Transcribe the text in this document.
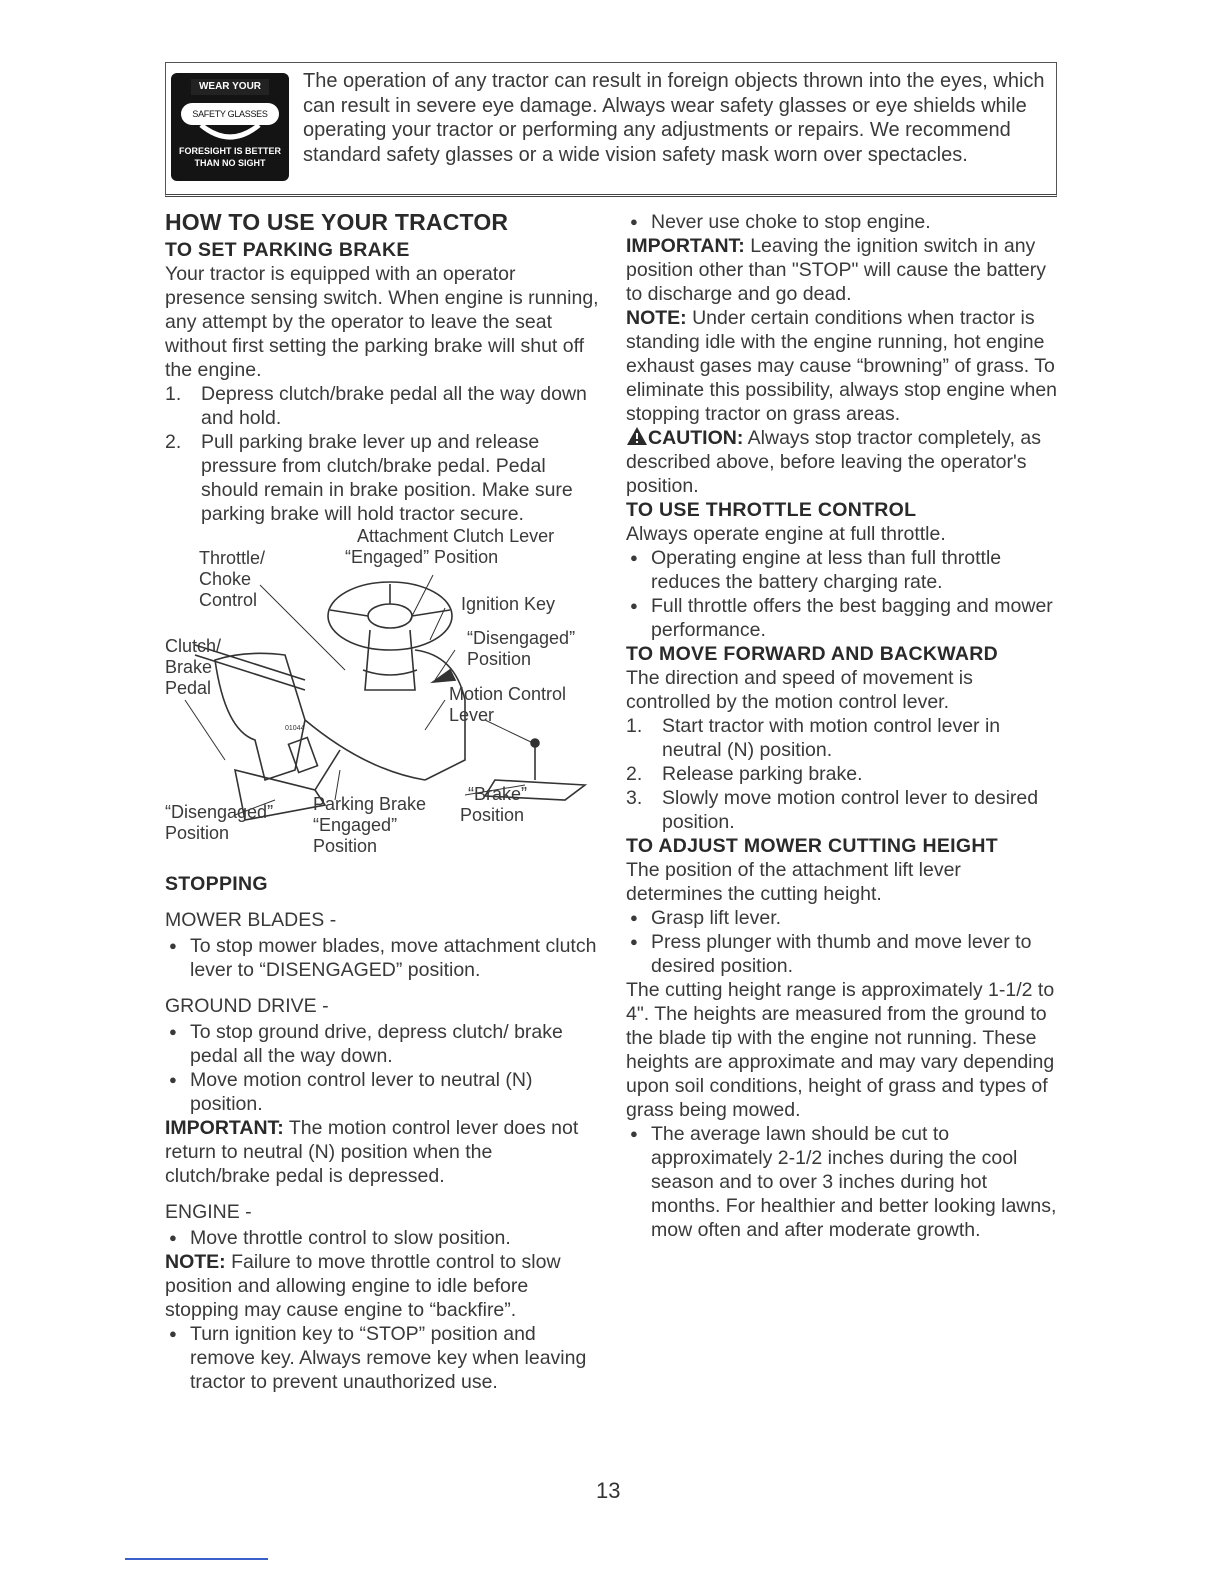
WEAR YOUR
SAFETY GLASSES
FORESIGHT IS BETTER
THAN NO SIGHT

The operation of any tractor can result in foreign objects thrown into the eyes, which can result in severe eye damage. Always wear safety glasses or eye shields while operating your tractor or performing any adjustments or repairs. We recommend standard safety glasses or a wide vision safety mask worn over spectacles.

HOW TO USE YOUR TRACTOR
TO SET PARKING BRAKE

Your tractor is equipped with an operator presence sensing switch. When engine is running, any attempt by the operator to leave the seat without first setting the parking brake will shut off the engine.

1. Depress clutch/brake pedal all the way down and hold.
2. Pull parking brake lever up and release pressure from clutch/brake pedal. Pedal should remain in brake position. Make sure parking brake will hold tractor secure.
01044
Attachment Clutch Lever
“Engaged” Position
Throttle/
Choke
Control	Ignition Key
“Disengaged”
Position
Clutch/
Brake
Pedal	Motion Control
Lever
“Brake”
Position
“Disengaged”
Position
Parking Brake
“Engaged”
Position
STOPPING

MOWER BLADES -

● To stop mower blades, move attachment clutch lever to “DISENGAGED” position.

GROUND DRIVE -

● To stop ground drive, depress clutch/ brake pedal all the way down.
● Move motion control lever to neutral (N) position.

IMPORTANT: The motion control lever does not return to neutral (N) position when the clutch/brake pedal is depressed.

ENGINE -

● Move throttle control to slow position.

NOTE: Failure to move throttle control to slow position and allowing engine to idle before stopping may cause engine to “backfire”.

● Turn ignition key to “STOP” position and remove key. Always remove key when leaving tractor to prevent unauthorized use.
● Never use choke to stop engine.

IMPORTANT: Leaving the ignition switch in any position other than "STOP" will cause the battery to discharge and go dead.

NOTE: Under certain conditions when tractor is standing idle with the engine running, hot engine exhaust gases may cause “browning” of grass. To eliminate this possibility, always stop engine when stopping tractor on grass areas.

CAUTION: Always stop tractor completely, as described above, before leaving the operator's position.

TO USE THROTTLE CONTROL

Always operate engine at full throttle.

● Operating engine at less than full throttle reduces the battery charging rate.
● Full throttle offers the best bagging and mower performance.
TO MOVE FORWARD AND BACKWARD

The direction and speed of movement is controlled by the motion control lever.

1. Start tractor with motion control lever in neutral (N) position.
2. Release parking brake.
3. Slowly move motion control lever to desired position.
TO ADJUST MOWER CUTTING HEIGHT

The position of the attachment lift lever determines the cutting height.

● Grasp lift lever.
● Press plunger with thumb and move lever to desired position.

The cutting height range is approximately 1-1/2 to 4". The heights are measured from the ground to the blade tip with the engine not running. These heights are approximate and may vary depending upon soil conditions, height of grass and types of grass being mowed.

● The average lawn should be cut to approximately 2-1/2 inches during the cool season and to over 3 inches during hot months. For healthier and better looking lawns, mow often and after moderate growth.
13
